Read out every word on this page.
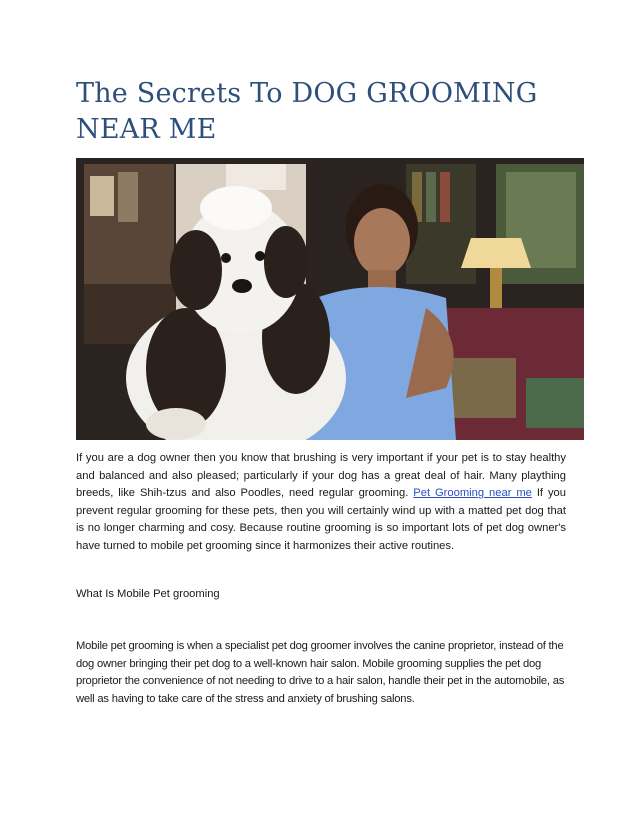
The Secrets To DOG GROOMING NEAR ME

If you are a dog owner then you know that brushing is very important if your pet is to stay healthy and balanced and also pleased; particularly if your dog has a great deal of hair. Many plaything breeds, like Shih-tzus and also Poodles, need regular grooming. Pet Grooming near me If you prevent regular grooming for these pets, then you will certainly wind up with a matted pet dog that is no longer charming and cosy. Because routine grooming is so important lots of pet dog owner's have turned to mobile pet grooming since it harmonizes their active routines.

What Is Mobile Pet grooming

Mobile pet grooming is when a specialist pet dog groomer involves the canine proprietor, instead of the dog owner bringing their pet dog to a well-known hair salon. Mobile grooming supplies the pet dog proprietor the convenience of not needing to drive to a hair salon, handle their pet in the automobile, as well as having to take care of the stress and anxiety of brushing salons.
